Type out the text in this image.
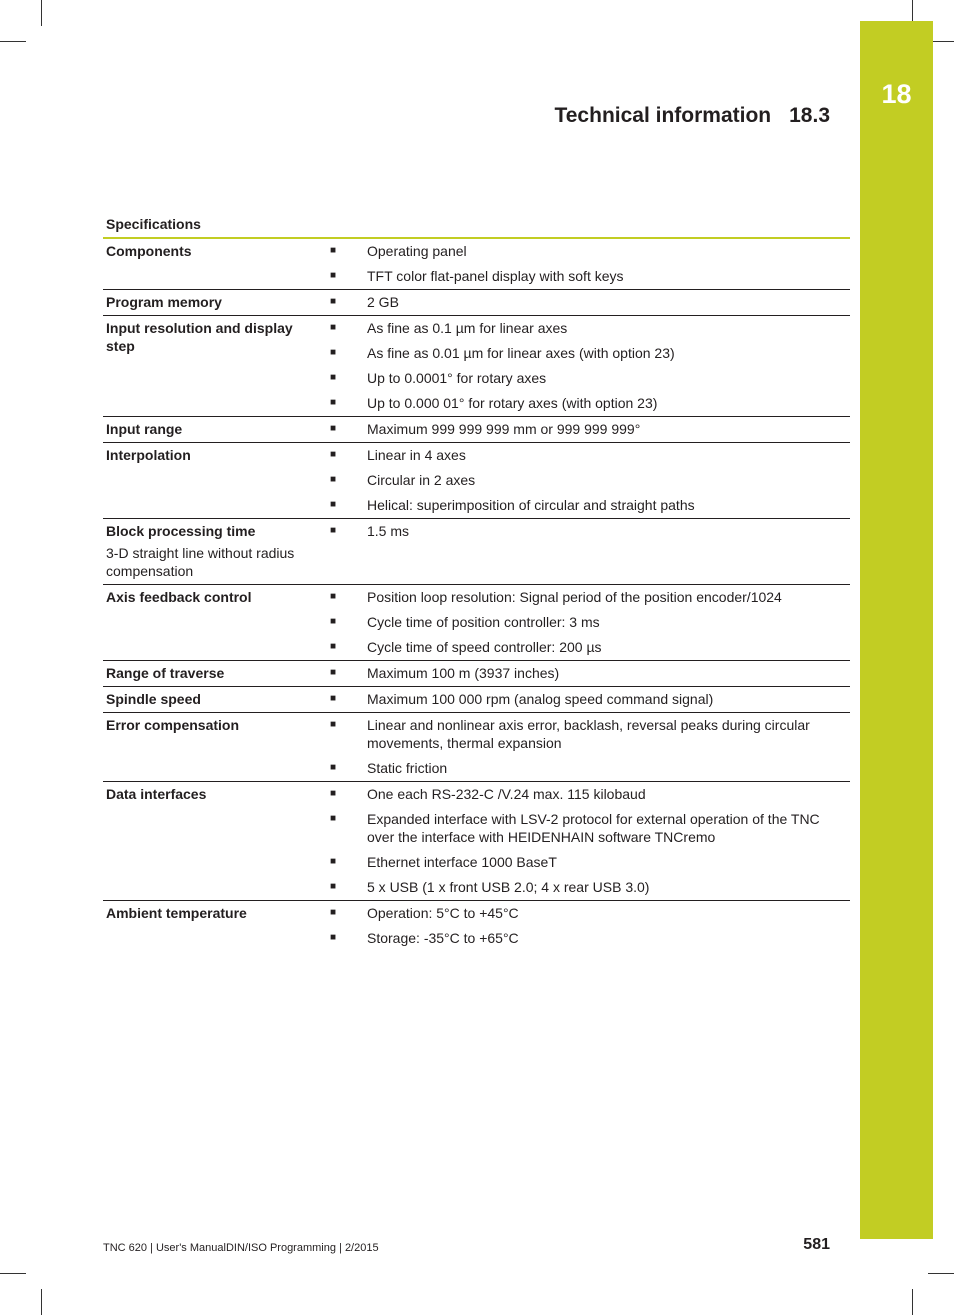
18
Technical information 18.3
Specifications
Components	■	Operating panel
■	TFT color flat-panel display with soft keys
Program memory	■	2 GB
Input resolution and display step
■	As fine as 0.1 µm for linear axes
■	As fine as 0.01 µm for linear axes (with option 23)
■	Up to 0.0001° for rotary axes
■	Up to 0.000 01° for rotary axes (with option 23)
Input range	■	Maximum 999 999 999 mm or 999 999 999°
Interpolation	■	Linear in 4 axes
■	Circular in 2 axes
■	Helical: superimposition of circular and straight paths
Block processing time
3-D straight line without radius compensation
■	1.5 ms
Axis feedback control	■	Position loop resolution: Signal period of the position encoder/1024
■	Cycle time of position controller: 3 ms
■	Cycle time of speed controller: 200 µs
Range of traverse	■	Maximum 100 m (3937 inches)
Spindle speed	■	Maximum 100 000 rpm (analog speed command signal)
Error compensation	■	Linear and nonlinear axis error, backlash, reversal peaks during circular movements, thermal expansion
■	Static friction
Data interfaces	■	One each RS-232-C /V.24 max. 115 kilobaud
■	Expanded interface with LSV-2 protocol for external operation of the TNC over the interface with HEIDENHAIN software TNCremo
■	Ethernet interface 1000 BaseT
■	5 x USB (1 x front USB 2.0; 4 x rear USB 3.0)
Ambient temperature	■	Operation: 5°C to +45°C
■	Storage: -35°C to +65°C
TNC 620 | User's ManualDIN/ISO Programming | 2/2015	581
